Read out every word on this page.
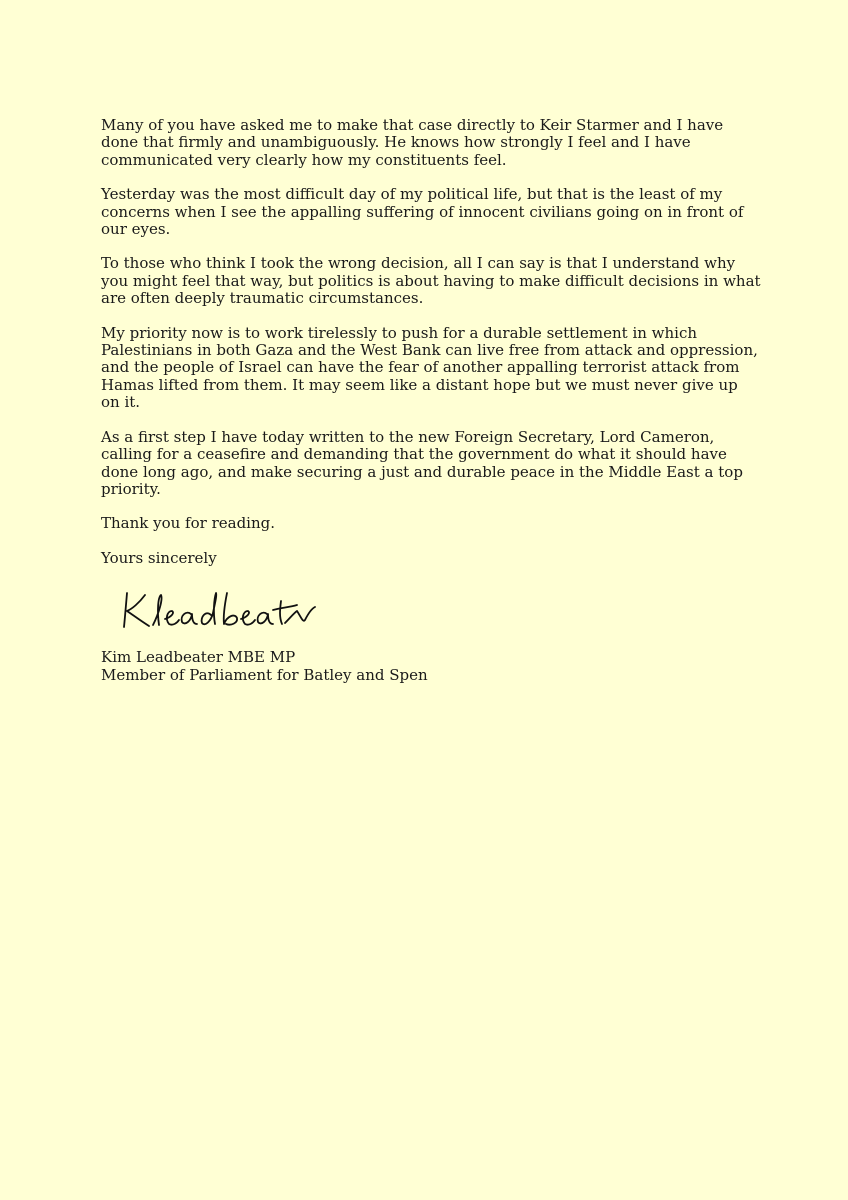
Many of you have asked me to make that case directly to Keir Starmer and I have done that firmly and unambiguously. He knows how strongly I feel and I have communicated very clearly how my constituents feel.

Yesterday was the most difficult day of my political life, but that is the least of my concerns when I see the appalling suffering of innocent civilians going on in front of our eyes.

To those who think I took the wrong decision, all I can say is that I understand why you might feel that way, but politics is about having to make difficult decisions in what are often deeply traumatic circumstances.

My priority now is to work tirelessly to push for a durable settlement in which Palestinians in both Gaza and the West Bank can live free from attack and oppression, and the people of Israel can have the fear of another appalling terrorist attack from Hamas lifted from them. It may seem like a distant hope but we must never give up on it.

As a first step I have today written to the new Foreign Secretary, Lord Cameron, calling for a ceasefire and demanding that the government do what it should have done long ago, and make securing a just and durable peace in the Middle East a top priority.

Thank you for reading.

Yours sincerely

Kim Leadbeater MBE MP

Member of Parliament for Batley and Spen
